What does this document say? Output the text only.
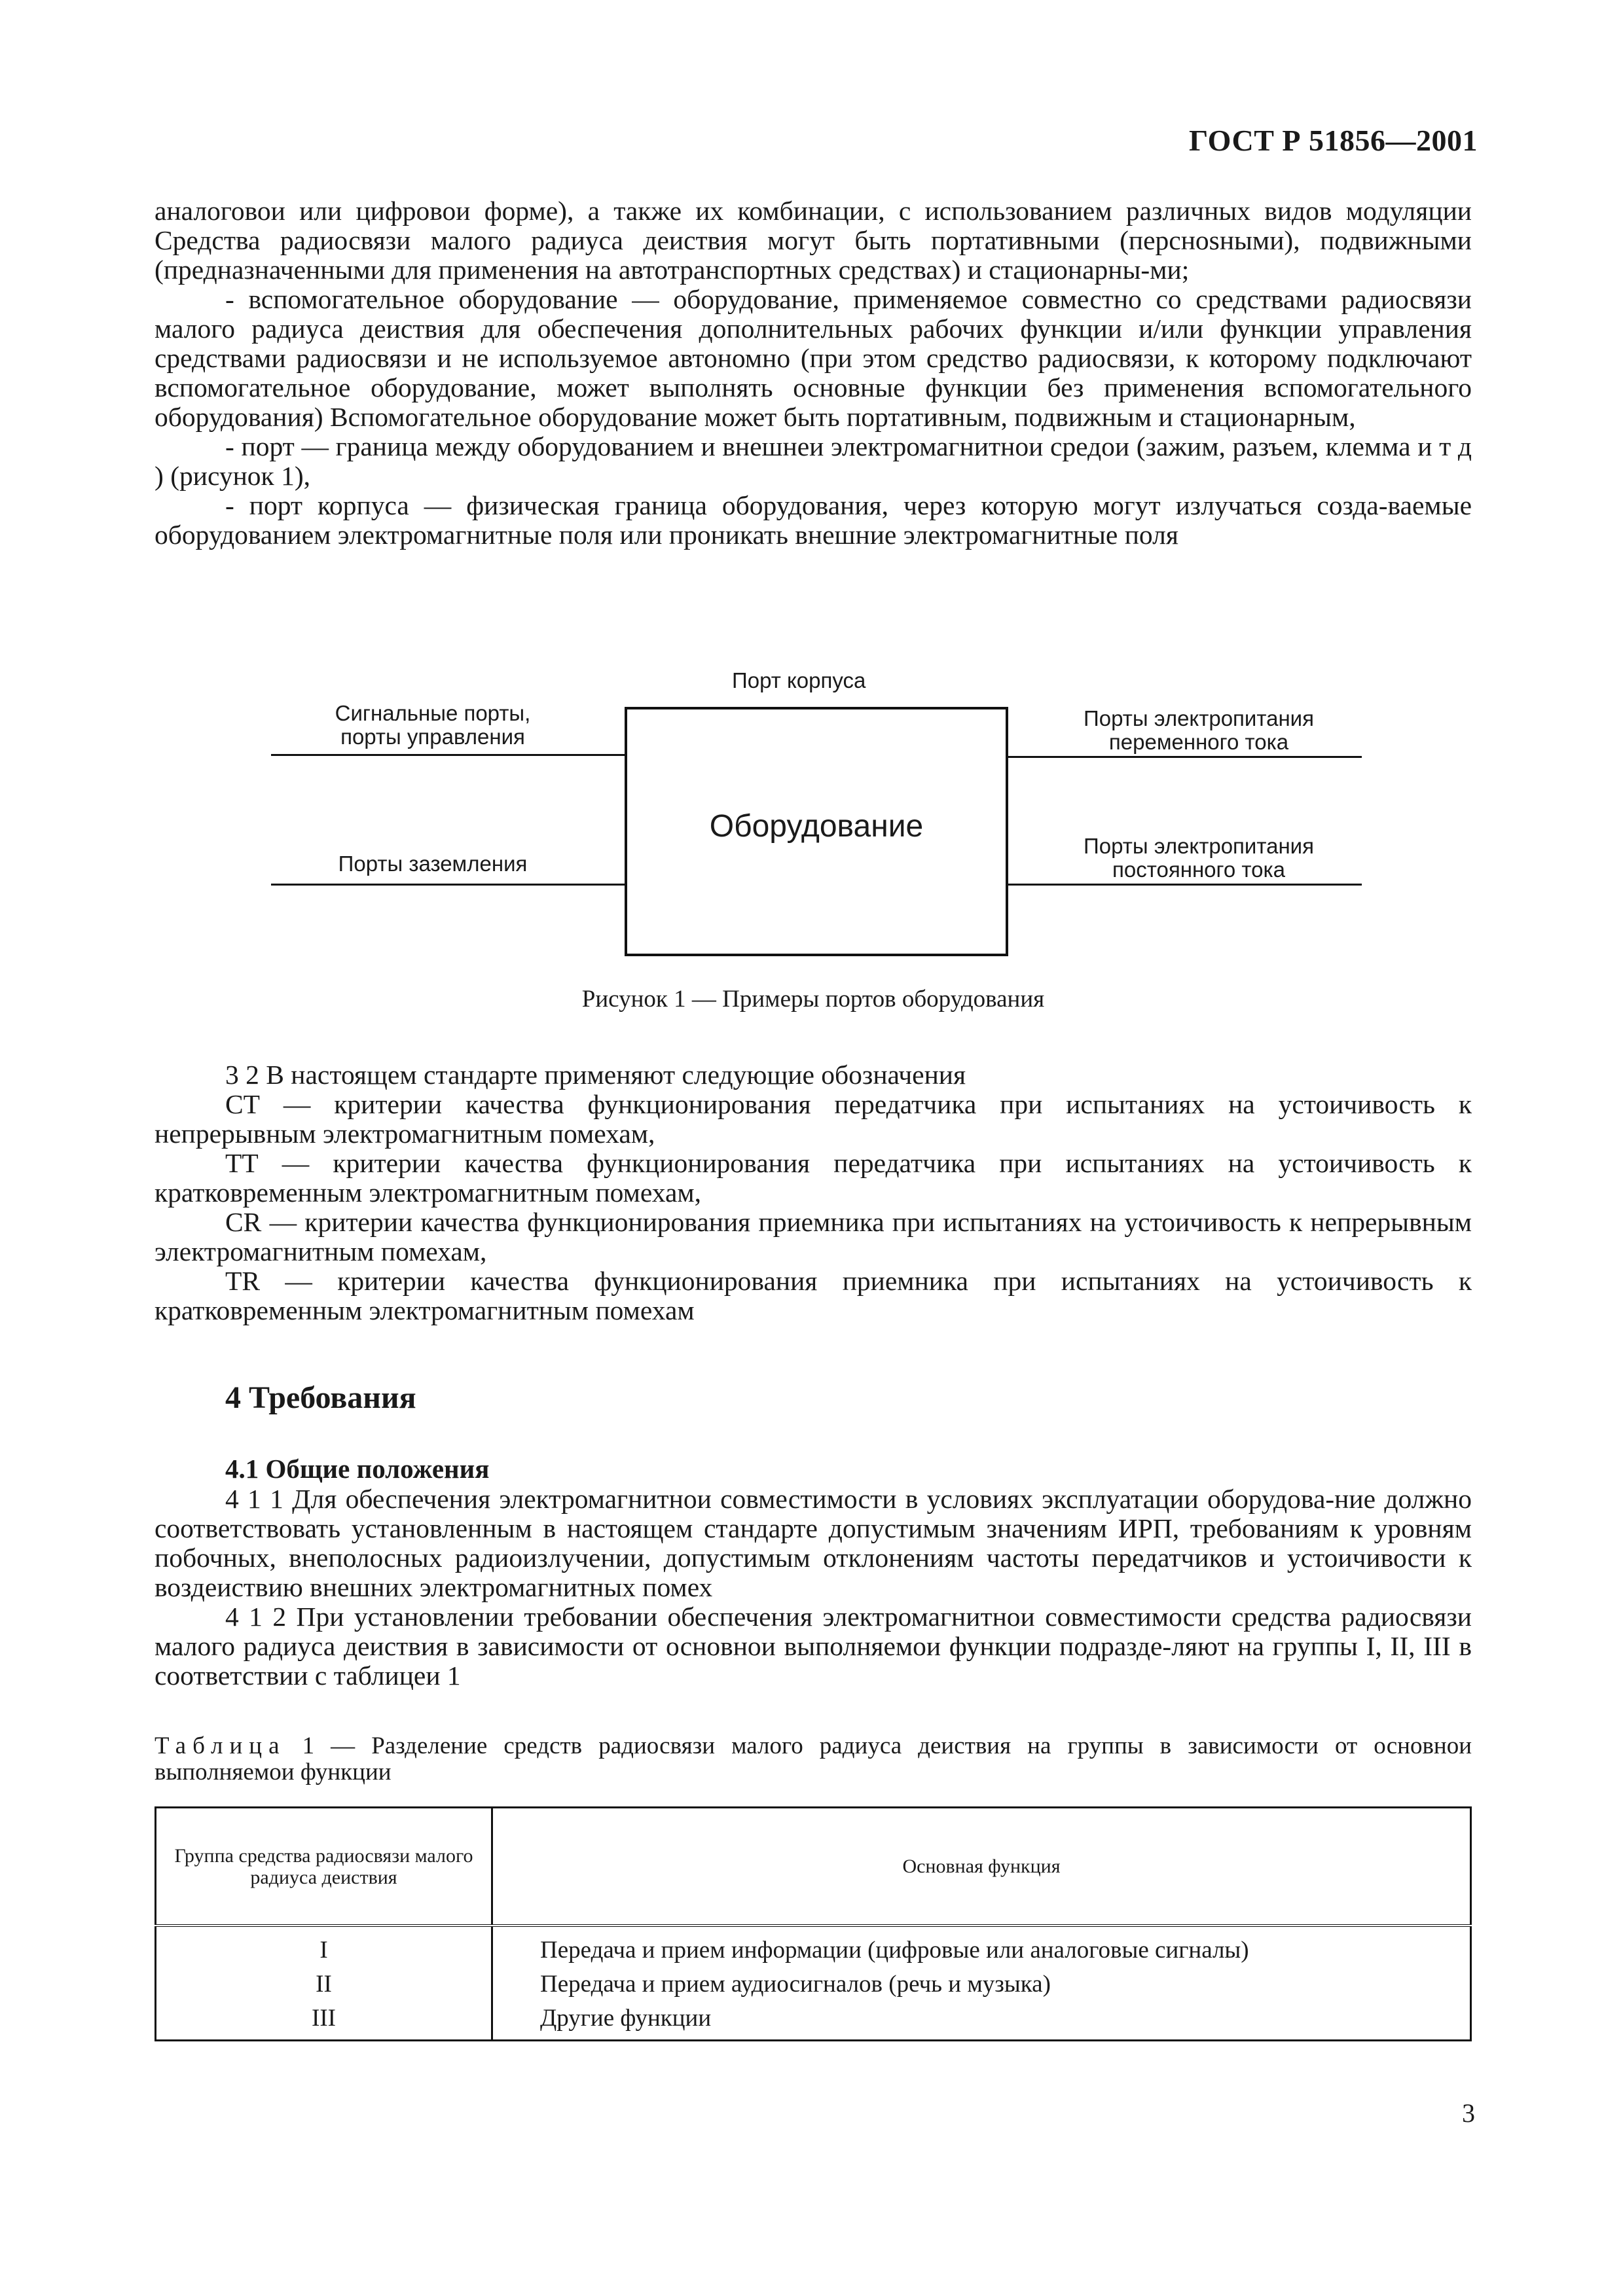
ГОСТ Р 51856—2001

аналоговои или цифровои форме), а также их комбинации, с использованием различных видов модуляции Средства радиосвязи малого радиуса деиствия могут быть портативными (перснosными), подвижными (предназначенными для применения на автотранспортных средствах) и стационарны-ми;

- вспомогательное оборудование — оборудование, применяемое совместно со средствами радиосвязи малого радиуса деиствия для обеспечения дополнительных рабочих функции и/или функции управления средствами радиосвязи и не используемое автономно (при этом средство радиосвязи, к которому подключают вспомогательное оборудование, может выполнять основные функции без применения вспомогательного оборудования) Вспомогательное оборудование может быть портативным, подвижным и стационарным,

- порт — граница между оборудованием и внешнеи электромагнитнои средои (зажим, разъем, клемма и т д ) (рисунок 1),

- порт корпуса — физическая граница оборудования, через которую могут излучаться созда-ваемые оборудованием электромагнитные поля или проникать внешние электромагнитные поля

Порт корпуса
Сигнальные порты,
порты управления
Порты заземления
Оборудование
Порты электропитания
переменного тока
Порты электропитания
постоянного тока
Рисунок 1 — Примеры портов оборудования

3 2 В настоящем стандарте применяют следующие обозначения

СТ — критерии качества функционирования передатчика при испытаниях на устоичивость к непрерывным электромагнитным помехам,

ТТ — критерии качества функционирования передатчика при испытаниях на устоичивость к кратковременным электромагнитным помехам,

CR — критерии качества функционирования приемника при испытаниях на устоичивость к непрерывным электромагнитным помехам,

TR — критерии качества функционирования приемника при испытаниях на устоичивость к кратковременным электромагнитным помехам

4 Требования
4.1 Общие положения

4 1 1 Для обеспечения электромагнитнои совместимости в условиях эксплуатации оборудова-ние должно соответствовать установленным в настоящем стандарте допустимым значениям ИРП, требованиям к уровням побочных, внеполосных радиоизлучении, допустимым отклонениям частоты передатчиков и устоичивости к воздеиствию внешних электромагнитных помех

4 1 2 При установлении требовании обеспечения электромагнитнои совместимости средства радиосвязи малого радиуса деиствия в зависимости от основнои выполняемои функции подразде-ляют на группы I, II, III в соответствии с таблицеи 1

Таблица 1 — Разделение средств радиосвязи малого радиуса деиствия на группы в зависимости от основнои выполняемои функции

Группа средства радиосвязи малого радиуса деиствия	Основная функция
I	Передача и прием информации (цифровые или аналоговые сигналы)
II	Передача и прием аудиосигналов (речь и музыка)
III	Другие функции
3
